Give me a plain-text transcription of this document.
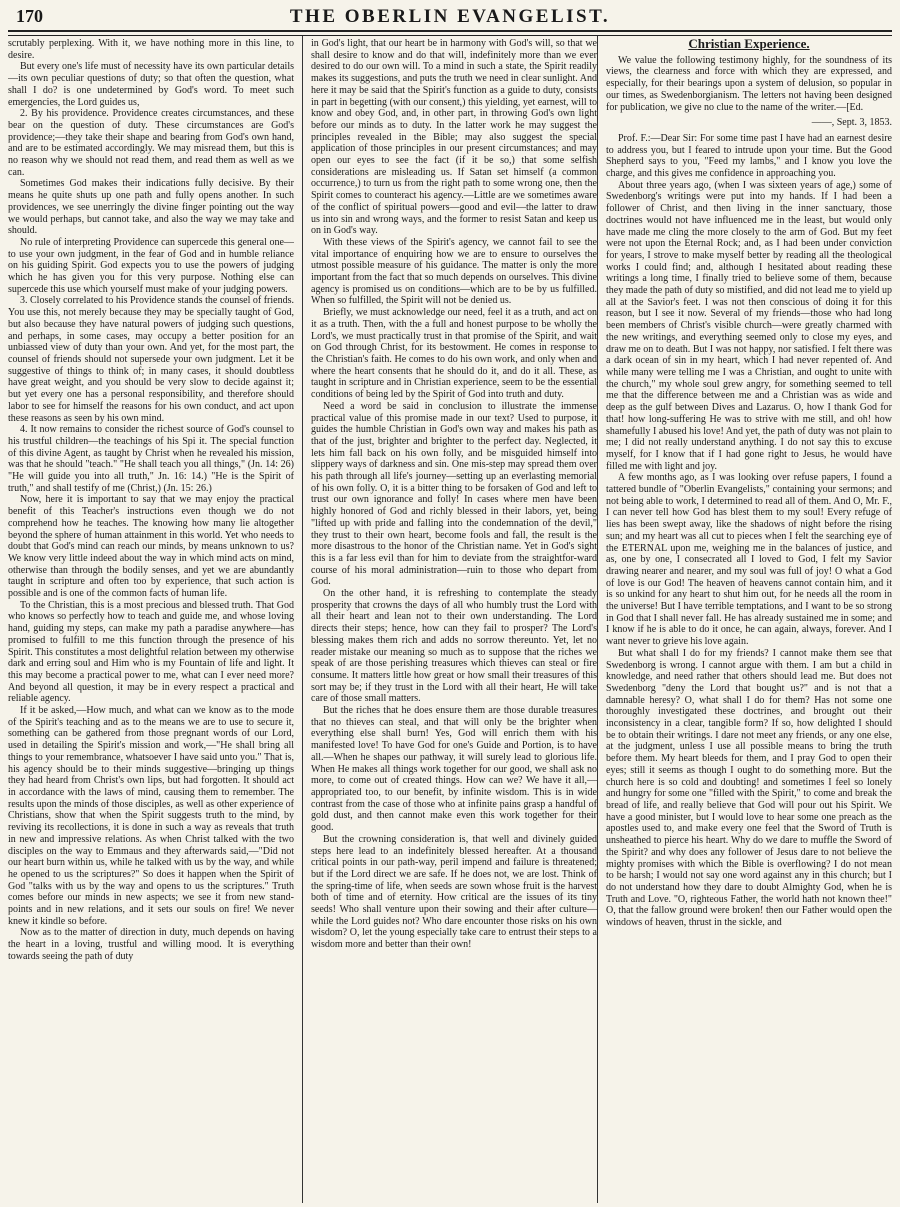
170	THE OBERLIN EVANGELIST.

scrutably perplexing. With it, we have nothing more in this line, to desire.

But every one's life must of necessity have its own particular details—its own peculiar questions of duty; so that often the question, what shall I do? is one undetermined by God's word. To meet such emergencies, the Lord guides us,

2. By his providence. Providence creates circumstances, and these bear on the question of duty. These circumstances are God's providence;—they take their shape and bearing from God's own hand, and are to be estimated accordingly. We may misread them, but this is no reason why we should not read them, and read them as well as we can.

Sometimes God makes their indications fully decisive. By their means he quite shuts up one path and fully opens another. In such providences, we see unerringly the divine finger pointing out the way we would perhaps, but cannot take, and also the way we may take and should.

No rule of interpreting Providence can supercede this general one—to use your own judgment, in the fear of God and in humble reliance on his guiding Spirit. God expects you to use the powers of judging which he has given you for this very purpose. Nothing else can supercede this use which yourself must make of your judging powers.

3. Closely correlated to his Providence stands the counsel of friends. You use this, not merely because they may be specially taught of God, but also because they have natural powers of judging such questions, and perhaps, in some cases, may occupy a better position for an unbiassed view of duty than your own. And yet, for the most part, the counsel of friends should not supersede your own judgment. Let it be suggestive of things to think of; in many cases, it should doubtless have great weight, and you should be very slow to decide against it; but yet every one has a personal responsibility, and therefore should labor to see for himself the reasons for his own conduct, and act upon these reasons as seen by his own mind.

4. It now remains to consider the richest source of God's counsel to his trustful children—the teachings of his Spi it. The special function of this divine Agent, as taught by Christ when he revealed his mission, was that he should "teach." "He shall teach you all things," (Jn. 14: 26) "He will guide you into all truth," Jn. 16: 14.) "He is the Spirit of truth," and shall testify of me (Christ,) (Jn. 15: 26.)

Now, here it is important to say that we may enjoy the practical benefit of this Teacher's instructions even though we do not comprehend how he teaches. The knowing how many lie altogether beyond the sphere of human attainment in this world. Yet who needs to doubt that God's mind can reach our minds, by means unknown to us? We know very little indeed about the way in which mind acts on mind, otherwise than through the bodily senses, and yet we are abundantly taught in scripture and often too by experience, that such action is possible and is one of the common facts of human life.

To the Christian, this is a most precious and blessed truth. That God who knows so perfectly how to teach and guide me, and whose loving hand, guiding my steps, can make my path a paradise anywhere—has promised to fulfill to me this function through the presence of his Spirit. This constitutes a most delightful relation between my otherwise dark and erring soul and Him who is my Fountain of life and light. It this may become a practical power to me, what can I ever need more? And beyond all question, it may be in every respect a practical and reliable agency.

If it be asked,—How much, and what can we know as to the mode of the Spirit's teaching and as to the means we are to use to secure it, something can be gathered from those pregnant words of our Lord, used in detailing the Spirit's mission and work,—"He shall bring all things to your remembrance, whatsoever I have said unto you." That is, his agency should be to their minds suggestive—bringing up things they had heard from Christ's own lips, but had forgotten. It should act in accordance with the laws of mind, causing them to remember. The results upon the minds of those disciples, as well as other experience of Christians, show that when the Spirit suggests truth to the mind, by reviving its recollections, it is done in such a way as reveals that truth in new and impressive relations. As when Christ talked with the two disciples on the way to Emmaus and they afterwards said,—"Did not our heart burn within us, while he talked with us by the way, and while he opened to us the scriptures?" So does it happen when the Spirit of God "talks with us by the way and opens to us the scriptures." Truth comes before our minds in new aspects; we see it from new stand-points and in new relations, and it sets our souls on fire! We never knew it kindle so before.

Now as to the matter of direction in duty, much depends on having the heart in a loving, trustful and willing mood. It is everything towards seeing the path of duty

in God's light, that our heart be in harmony with God's will, so that we shall desire to know and do that will, indefinitely more than we ever desired to do our own will. To a mind in such a state, the Spirit readily makes its suggestions, and puts the truth we need in clear sunlight. And here it may be said that the Spirit's function as a guide to duty, consists in part in begetting (with our consent,) this yielding, yet earnest, will to know and obey God, and, in other part, in throwing God's own light before our minds as to duty. In the latter work he may suggest the principles revealed in the Bible; may also suggest the special application of those principles in our present circumstances; and may open our eyes to see the fact (if it be so,) that some selfish considerations are misleading us. If Satan set himself (a common occurrence,) to turn us from the right path to some wrong one, then the Spirit comes to counteract his agency.—Little are we sometimes aware of the conflict of spiritual powers—good and evil—the latter to draw us into sin and wrong ways, and the former to resist Satan and keep us on in God's way.

With these views of the Spirit's agency, we cannot fail to see the vital importance of enquiring how we are to ensure to ourselves the utmost possible measure of his guidance. The matter is only the more important from the fact that so much depends on ourselves. This divine agency is promised us on conditions—which are to be by us fulfilled. When so fulfilled, the Spirit will not be denied us.

Briefly, we must acknowledge our need, feel it as a truth, and act on it as a truth. Then, with the a full and honest purpose to be wholly the Lord's, we must practically trust in that promise of the Spirit, and wait on God through Christ, for its bestowment. He comes in response to the Christian's faith. He comes to do his own work, and only when and where the heart consents that he should do it, and do it all. These, as taught in scripture and in Christian experience, seem to be the essential conditions of being led by the Spirit of God into truth and duty.

Need a word be said in conclusion to illustrate the immense practical value of this promise made in our text? Used to purpose, it guides the humble Christian in God's own way and makes his path as that of the just, brighter and brighter to the perfect day. Neglected, it lets him fall back on his own folly, and be misguided himself into slippery ways of darkness and sin. One mis-step may spread them over his path through all life's journey—setting up an everlasting memorial of his own folly. O, it is a bitter thing to be forsaken of God and left to trust our own ignorance and folly! In cases where men have been highly honored of God and richly blessed in their labors, yet, being "lifted up with pride and falling into the condemnation of the devil," they trust to their own heart, become fools and fall, the result is the more disastrous to the honor of the Christian name. Yet in God's sight this is a far less evil than for him to deviate from the straightfor-ward course of his moral administration—ruin to those who depart from God.

On the other hand, it is refreshing to contemplate the steady prosperity that crowns the days of all who humbly trust the Lord with all their heart and lean not to their own understanding. The Lord directs their steps; hence, how can they fail to prosper? The Lord's blessing makes them rich and adds no sorrow thereunto. Yet, let no reader mistake our meaning so much as to suppose that the riches we speak of are those perishing treasures which thieves can steal or fire consume. It matters little how great or how small their treasures of this sort may be; if they trust in the Lord with all their heart, He will take care of those small matters.

But the riches that he does ensure them are those durable treasures that no thieves can steal, and that will only be the brighter when everything else shall burn! Yes, God will enrich them with his manifested love! To have God for one's Guide and Portion, is to have all.—When he shapes our pathway, it will surely lead to glorious life. When He makes all things work together for our good, we shall ask no more, to come out of created things. How can we? We have it all,—appropriated too, to our benefit, by infinite wisdom. This is in wide contrast from the case of those who at infinite pains grasp a handful of gold dust, and then cannot make even this work together for their good.

But the crowning consideration is, that well and divinely guided steps here lead to an indefinitely blessed hereafter. At a thousand critical points in our path-way, peril impend and failure is threatened; but if the Lord direct we are safe. If he does not, we are lost. Think of the spring-time of life, when seeds are sown whose fruit is the harvest both of time and of eternity. How critical are the issues of its tiny seeds! Who shall venture upon their sowing and their after culture—while the Lord guides not? Who dare encounter those risks on his own wisdom? O, let the young especially take care to entrust their steps to a wisdom more and better than their own!

Christian Experience.

We value the following testimony highly, for the soundness of its views, the clearness and force with which they are expressed, and especially, for their bearings upon a system of delusion, so popular in our times, as Swedenborgianism. The letters not having been designed for publication, we give no clue to the name of the writer.—[Ed.

——, Sept. 3, 1853.

Prof. F.:—Dear Sir: For some time past I have had an earnest desire to address you, but I feared to intrude upon your time. But the Good Shepherd says to you, "Feed my lambs," and I know you love the charge, and this gives me confidence in approaching you.

About three years ago, (when I was sixteen years of age,) some of Swedenborg's writings were put into my hands. If I had been a follower of Christ, and then living in the inner sanctuary, those doctrines would not have influenced me in the least, but would only have made me cling the more closely to the arm of God. But my feet were not upon the Eternal Rock; and, as I had been under conviction for years, I strove to make myself better by reading all the theological works I could find; and, although I hesitated about reading these writings a long time, I finally tried to believe some of them, because they made the path of duty so mistified, and did not lead me to yield up all at the Savior's feet. I was not then conscious of doing it for this reason, but I see it now. Several of my friends—those who had long been members of Christ's visible church—were greatly charmed with the new writings, and everything seemed only to close my eyes, and draw me on to death. But I was not happy, nor satisfied. I felt there was a dark ocean of sin in my heart, which I had never repented of. And while many were telling me I was a Christian, and ought to unite with the church," my whole soul grew angry, for something seemed to tell me that the difference between me and a Christian was as wide and deep as the gulf between Dives and Lazarus. O, how I thank God for that! how long-suffering He was to strive with me still, and oh! how shamefully I abused his love! And yet, the path of duty was not plain to me; I did not really understand anything. I do not say this to excuse myself, for I know that if I had gone right to Jesus, he would have filled me with light and joy.

A few months ago, as I was looking over refuse papers, I found a tattered bundle of "Oberlin Evangelists," containing your sermons; and not being able to work, I determined to read all of them. And O, Mr. F., I can never tell how God has blest them to my soul! Every refuge of lies has been swept away, like the shadows of night before the rising sun; and my heart was all cut to pieces when I felt the searching eye of the ETERNAL upon me, weighing me in the balances of justice, and as, one by one, I consecrated all I loved to God, I felt my Savior drawing nearer and nearer, and my soul was full of joy! O what a God of love is our God! The heaven of heavens cannot contain him, and it is so unkind for any heart to shut him out, for he needs all the room in the universe! But I have terrible temptations, and I want to be so strong in God that I shall never fall. He has already sustained me in some; and I know if he is able to do it once, he can again, always, forever. And I want never to grieve his love again.

But what shall I do for my friends? I cannot make them see that Swedenborg is wrong. I cannot argue with them. I am but a child in knowledge, and need rather that others should lead me. But does not Swedenborg "deny the Lord that bought us?" and is not that a damnable heresy? O, what shall I do for them? Has not some one thoroughly investigated these doctrines, and brought out their inconsistency in a clear, tangible form? If so, how delighted I should be to obtain their writings. I dare not meet any friends, or any one else, at the judgment, unless I use all possible means to bring the truth before them. My heart bleeds for them, and I pray God to open their eyes; still it seems as though I ought to do something more. But the church here is so cold and doubting! and sometimes I feel so lonely and hungry for some one "filled with the Spirit," to come and break the bread of life, and really believe that God will pour out his Spirit. We have a good minister, but I would love to hear some one preach as the apostles used to, and make every one feel that the Sword of Truth is unsheathed to pierce his heart. Why do we dare to muffle the Sword of the Spirit? and why does any follower of Jesus dare to not believe the mighty promises with which the Bible is overflowing? I do not mean to be harsh; I would not say one word against any in this church; but I do not understand how they dare to doubt Almighty God, when he is Truth and Love. "O, righteous Father, the world hath not known thee!" O, that the fallow ground were broken! then our Father would open the windows of heaven, thrust in the sickle, and
